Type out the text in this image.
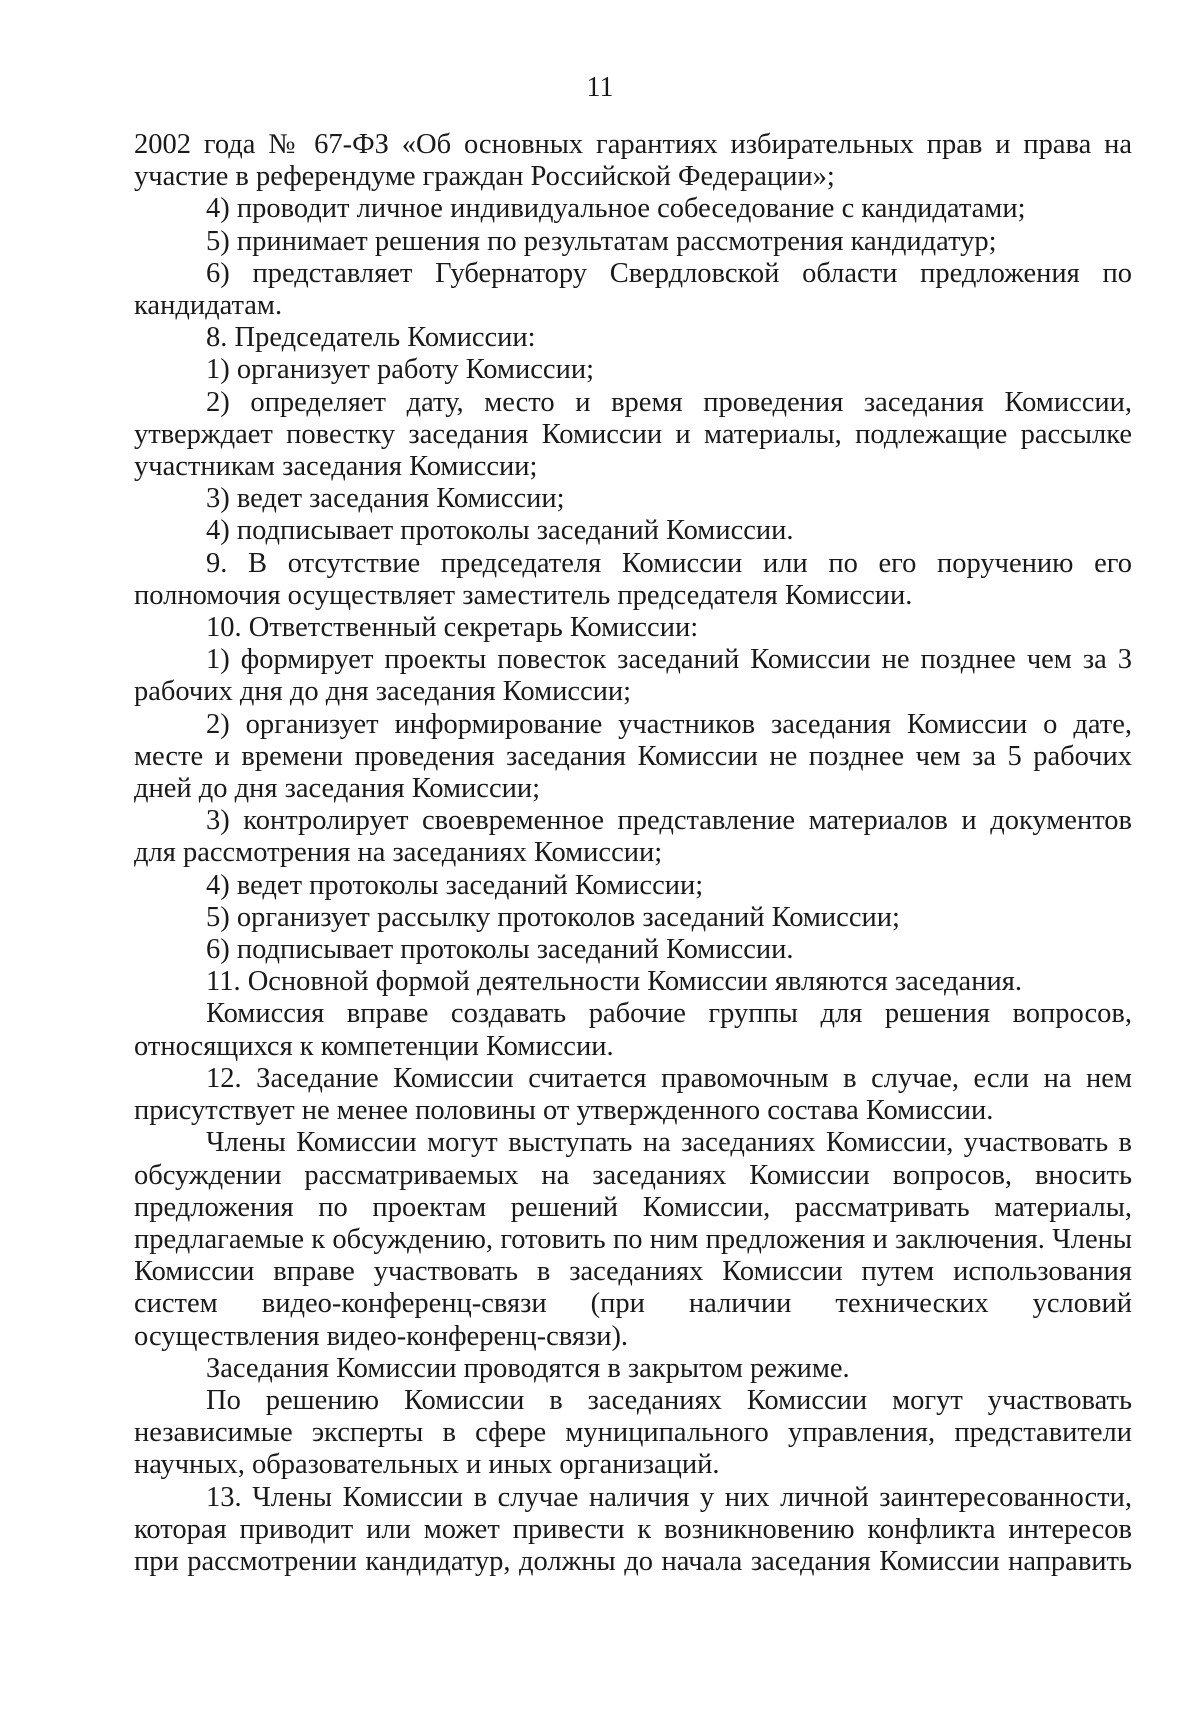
11

2002 года № 67-ФЗ «Об основных гарантиях избирательных прав и права на участие в референдуме граждан Российской Федерации»;

4) проводит личное индивидуальное собеседование с кандидатами;

5) принимает решения по результатам рассмотрения кандидатур;

6) представляет Губернатору Свердловской области предложения по кандидатам.

8. Председатель Комиссии:

1) организует работу Комиссии;

2) определяет дату, место и время проведения заседания Комиссии, утверждает повестку заседания Комиссии и материалы, подлежащие рассылке участникам заседания Комиссии;

3) ведет заседания Комиссии;

4) подписывает протоколы заседаний Комиссии.

9. В отсутствие председателя Комиссии или по его поручению его полномочия осуществляет заместитель председателя Комиссии.

10. Ответственный секретарь Комиссии:

1) формирует проекты повесток заседаний Комиссии не позднее чем за 3 рабочих дня до дня заседания Комиссии;

2) организует информирование участников заседания Комиссии о дате, месте и времени проведения заседания Комиссии не позднее чем за 5 рабочих дней до дня заседания Комиссии;

3) контролирует своевременное представление материалов и документов для рассмотрения на заседаниях Комиссии;

4) ведет протоколы заседаний Комиссии;

5) организует рассылку протоколов заседаний Комиссии;

6) подписывает протоколы заседаний Комиссии.

11. Основной формой деятельности Комиссии являются заседания.

Комиссия вправе создавать рабочие группы для решения вопросов, относящихся к компетенции Комиссии.

12. Заседание Комиссии считается правомочным в случае, если на нем присутствует не менее половины от утвержденного состава Комиссии.

Члены Комиссии могут выступать на заседаниях Комиссии, участвовать в обсуждении рассматриваемых на заседаниях Комиссии вопросов, вносить предложения по проектам решений Комиссии, рассматривать материалы, предлагаемые к обсуждению, готовить по ним предложения и заключения. Члены Комиссии вправе участвовать в заседаниях Комиссии путем использования систем видео-конференц-связи (при наличии технических условий осуществления видео-конференц-связи).

Заседания Комиссии проводятся в закрытом режиме.

По решению Комиссии в заседаниях Комиссии могут участвовать независимые эксперты в сфере муниципального управления, представители научных, образовательных и иных организаций.

13. Члены Комиссии в случае наличия у них личной заинтересованности, которая приводит или может привести к возникновению конфликта интересов при рассмотрении кандидатур, должны до начала заседания Комиссии направить
